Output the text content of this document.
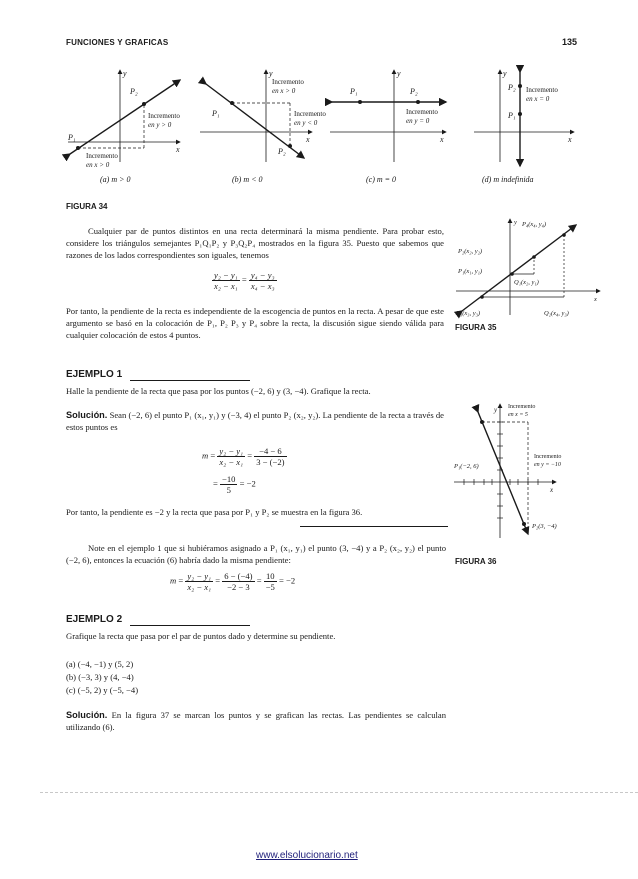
FUNCIONES Y GRAFICAS	135
y
x
P₂
P₁
Incremento
en y > 0
Incremento
en x > 0
(a) m > 0
y
x
Incremento
en x > 0
P₁	Incremento
en y < 0
P₂
(b) m < 0
y
x
P₁	P₂
Incremento
en y = 0
(c) m = 0
y
x
P₂
P₁
Incremento
en x = 0
(d) m indefinida
FIGURA 34
Cualquier par de puntos distintos en una recta determinará la misma pendiente. Para probar esto, considere los triángulos semejantes P₁Q₁P₂ y P₃Q₂P₄ mostrados en la figura 35. Puesto que sabemos que razones de los lados correspondientes son iguales, tenemos
$\frac{\text{y₂ − y₁}}{\text{x₂ − x₁}} = \frac{\text{y₄ − y₃}}{\text{x₄ − x₃}}$
Por tanto, la pendiente de la recta es independiente de la escogencia de puntos en la recta. A pesar de que este argumento se basó en la colocación de P₁, P₂ P₃ y P₄ sobre la recta, la discusión sigue siendo válida para cualquier colocación de estos 4 puntos.
y
x
P₄(x₄, y₄)
P₂(x₂, y₂)
P₁(x₁, y₁)
Q₁(x₂, y₁)
P₃(x₃, y₃)	Q₂(x₄, y₃)
FIGURA 35
EJEMPLO 1
Halle la pendiente de la recta que pasa por los puntos (−2, 6) y (3, −4). Grafique la recta.
Solución. Sean (−2, 6) el punto P₁ (x₁, y₁) y (−3, 4) el punto P₂ (x₂, y₂). La pendiente de la recta a través de estos puntos es
$m = \frac{\text{y₂ − y₁}}{\text{x₂ − x₁}} = \frac{-4 - 6}{3 - (-2)}$
= $\frac{-10}{5} = -2$
Por tanto, la pendiente es −2 y la recta que pasa por P₁ y P₂ se muestra en la figura 36.
Note en el ejemplo 1 que si hubiéramos asignado a P₁ (x₁, y₁) el punto (3, −4) y a P₂ (x₂, y₂) el punto (−2, 6), entonces la ecuación (6) habría dado la misma pendiente:
$m = \frac{\text{y₂ − y₁}}{\text{x₂ − x₁}} = \frac{6 - (-4)}{-2 - 3} = \frac{10}{-5} = -2$
y
x
Incremento
en x = 5
Incremento
en y = −10
P₁(−2, 6)
P₂(3, −4)
FIGURA 36
EJEMPLO 2
Grafique la recta que pasa por el par de puntos dado y determine su pendiente.
(a) (−4, −1) y (5, 2)
(b) (−3, 3) y (4, −4)
(c) (−5, 2) y (−5, −4)
Solución. En la figura 37 se marcan los puntos y se grafican las rectas. Las pendientes se calculan utilizando (6).
www.elsolucionario.net
